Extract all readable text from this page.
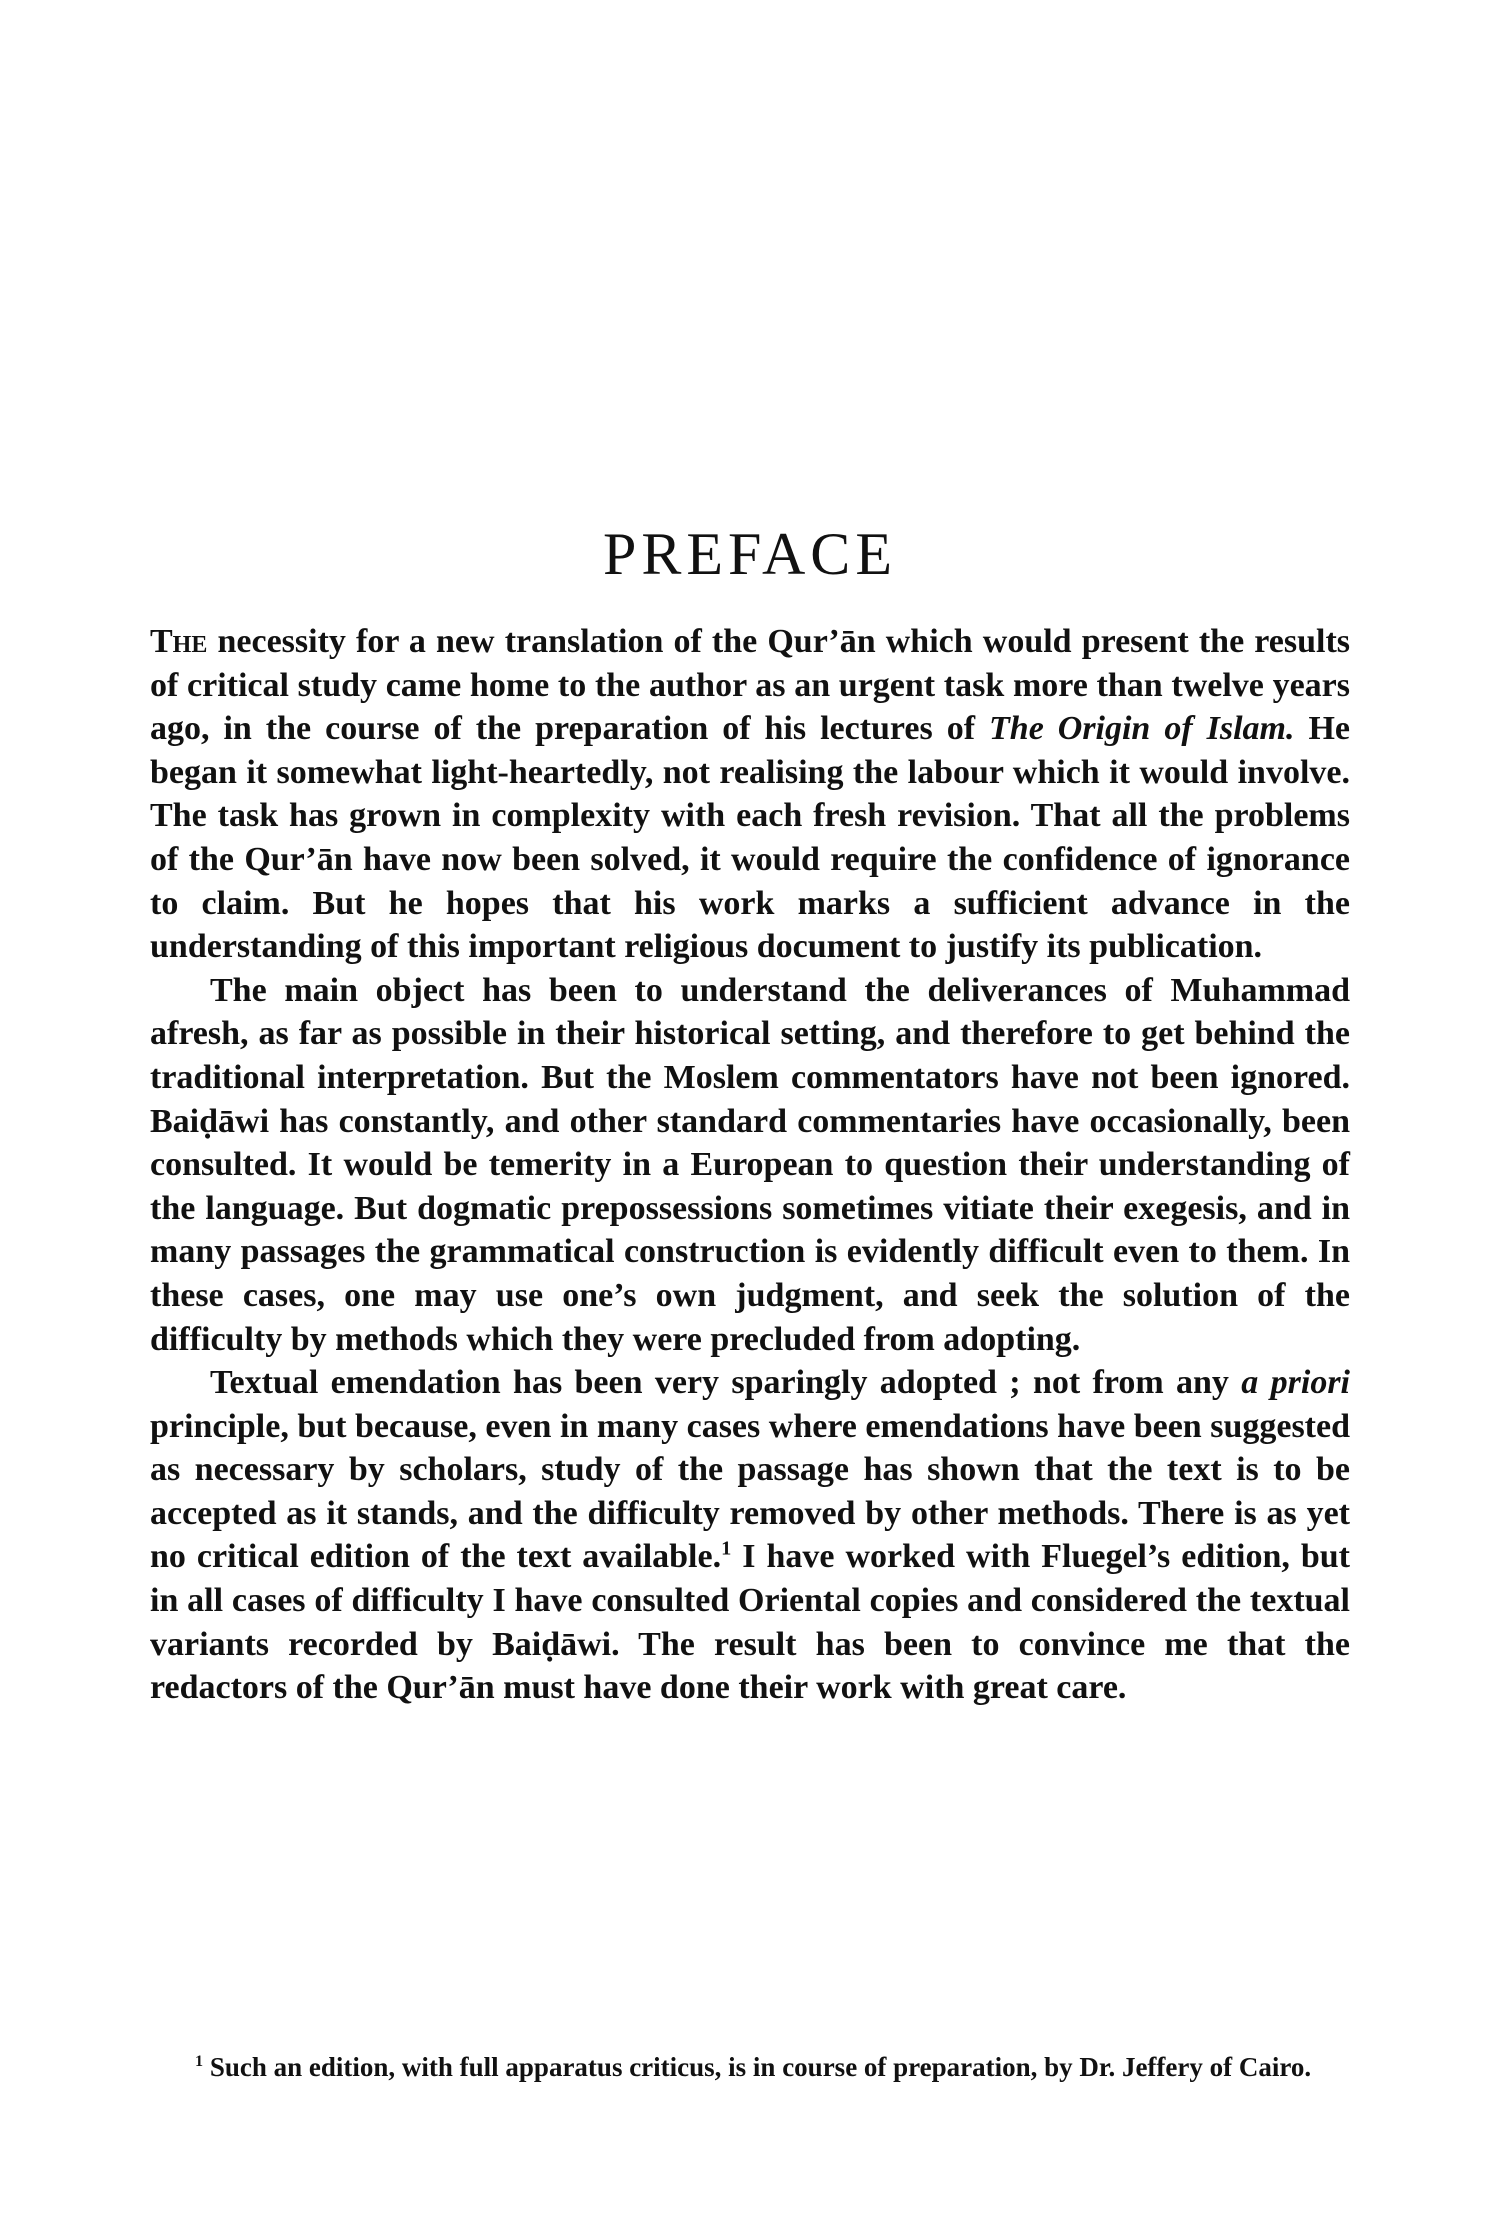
PREFACE

The necessity for a new translation of the Qur’ān which would present the results of critical study came home to the author as an urgent task more than twelve years ago, in the course of the preparation of his lectures of The Origin of Islam. He began it somewhat light-heartedly, not realising the labour which it would involve. The task has grown in complexity with each fresh revision. That all the problems of the Qur’ān have now been solved, it would require the confidence of ignorance to claim. But he hopes that his work marks a sufficient advance in the understanding of this important religious document to justify its publication.

The main object has been to understand the deliverances of Muhammad afresh, as far as possible in their historical setting, and therefore to get behind the traditional interpretation. But the Moslem commentators have not been ignored. Baiḍāwi has constantly, and other standard commentaries have occasionally, been consulted. It would be temerity in a European to question their understanding of the language. But dogmatic prepossessions sometimes vitiate their exegesis, and in many passages the grammatical construction is evidently difficult even to them. In these cases, one may use one’s own judgment, and seek the solution of the difficulty by methods which they were precluded from adopting.

Textual emendation has been very sparingly adopted ; not from any a priori principle, but because, even in many cases where emendations have been suggested as necessary by scholars, study of the passage has shown that the text is to be accepted as it stands, and the difficulty removed by other methods. There is as yet no critical edition of the text available.$^1$ I have worked with Fluegel’s edition, but in all cases of difficulty I have consulted Oriental copies and considered the textual variants recorded by Baiḍāwi. The result has been to convince me that the redactors of the Qur’ān must have done their work with great care.

$^1$ Such an edition, with full apparatus criticus, is in course of preparation, by Dr. Jeffery of Cairo.
